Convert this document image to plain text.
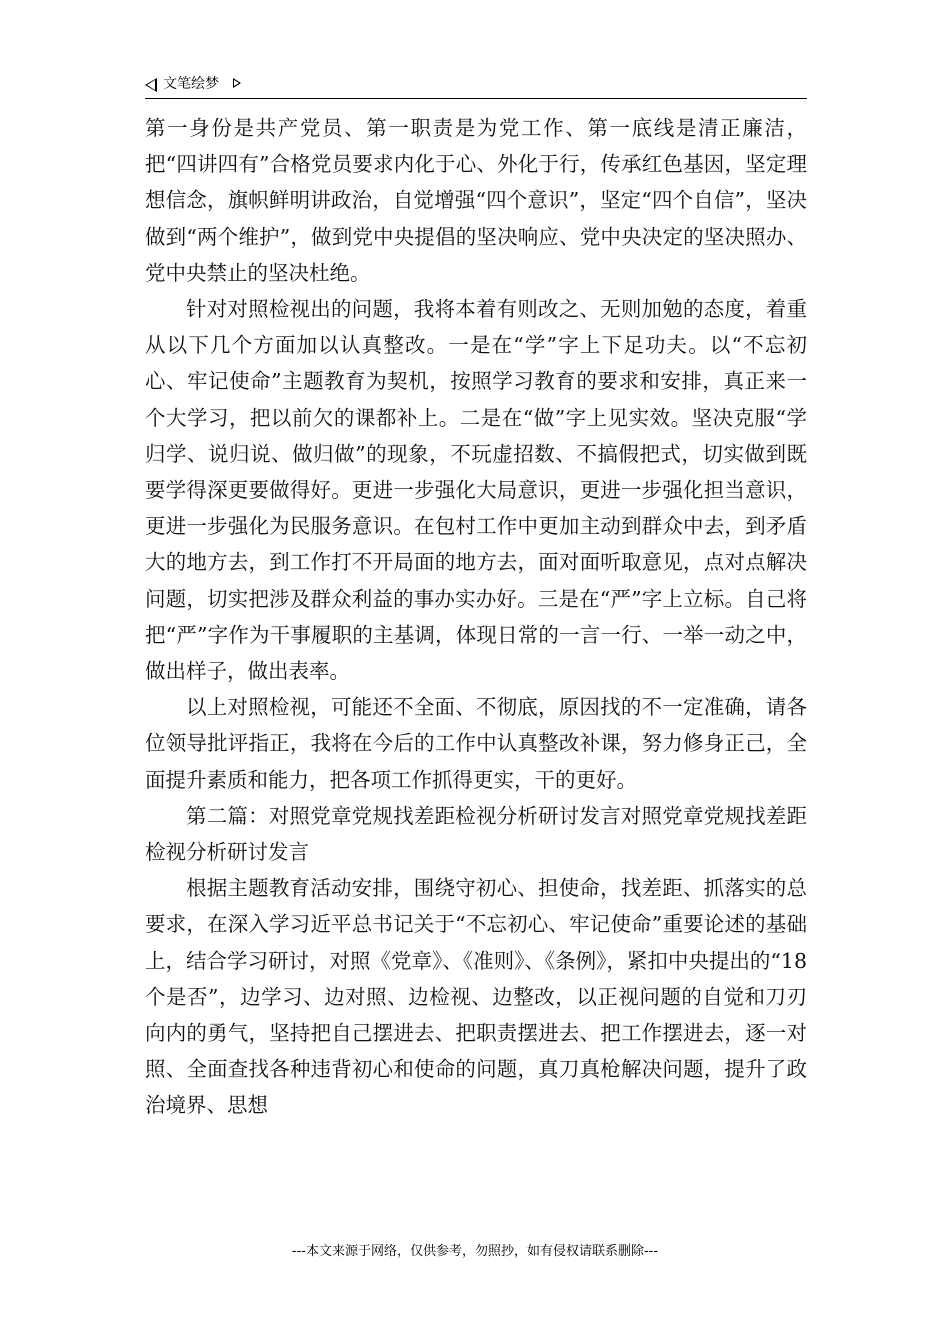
文笔绘梦

第一身份是共产党员、第一职责是为党工作、第一底线是清正廉洁，把“四讲四有”合格党员要求内化于心、外化于行，传承红色基因，坚定理想信念，旗帜鲜明讲政治，自觉增强“四个意识”，坚定“四个自信”，坚决做到“两个维护”，做到党中央提倡的坚决响应、党中央决定的坚决照办、党中央禁止的坚决杜绝。

针对对照检视出的问题，我将本着有则改之、无则加勉的态度，着重从以下几个方面加以认真整改。一是在“学”字上下足功夫。以“不忘初心、牢记使命”主题教育为契机，按照学习教育的要求和安排，真正来一个大学习，把以前欠的课都补上。二是在“做”字上见实效。坚决克服“学归学、说归说、做归做”的现象，不玩虚招数、不搞假把式，切实做到既要学得深更要做得好。更进一步强化大局意识，更进一步强化担当意识，更进一步强化为民服务意识。在包村工作中更加主动到群众中去，到矛盾大的地方去，到工作打不开局面的地方去，面对面听取意见，点对点解决问题，切实把涉及群众利益的事办实办好。三是在“严”字上立标。自己将把“严”字作为干事履职的主基调，体现日常的一言一行、一举一动之中，做出样子，做出表率。

以上对照检视，可能还不全面、不彻底，原因找的不一定准确，请各位领导批评指正，我将在今后的工作中认真整改补课，努力修身正己，全面提升素质和能力，把各项工作抓得更实，干的更好。

第二篇：对照党章党规找差距检视分析研讨发言对照党章党规找差距检视分析研讨发言

根据主题教育活动安排，围绕守初心、担使命，找差距、抓落实的总要求，在深入学习近平总书记关于“不忘初心、牢记使命”重要论述的基础上，结合学习研讨，对照《党章》、《准则》、《条例》，紧扣中央提出的“18个是否”，边学习、边对照、边检视、边整改，以正视问题的自觉和刀刃向内的勇气，坚持把自己摆进去、把职责摆进去、把工作摆进去，逐一对照、全面查找各种违背初心和使命的问题，真刀真枪解决问题，提升了政治境界、思想

---本文来源于网络，仅供参考，勿照抄，如有侵权请联系删除---
